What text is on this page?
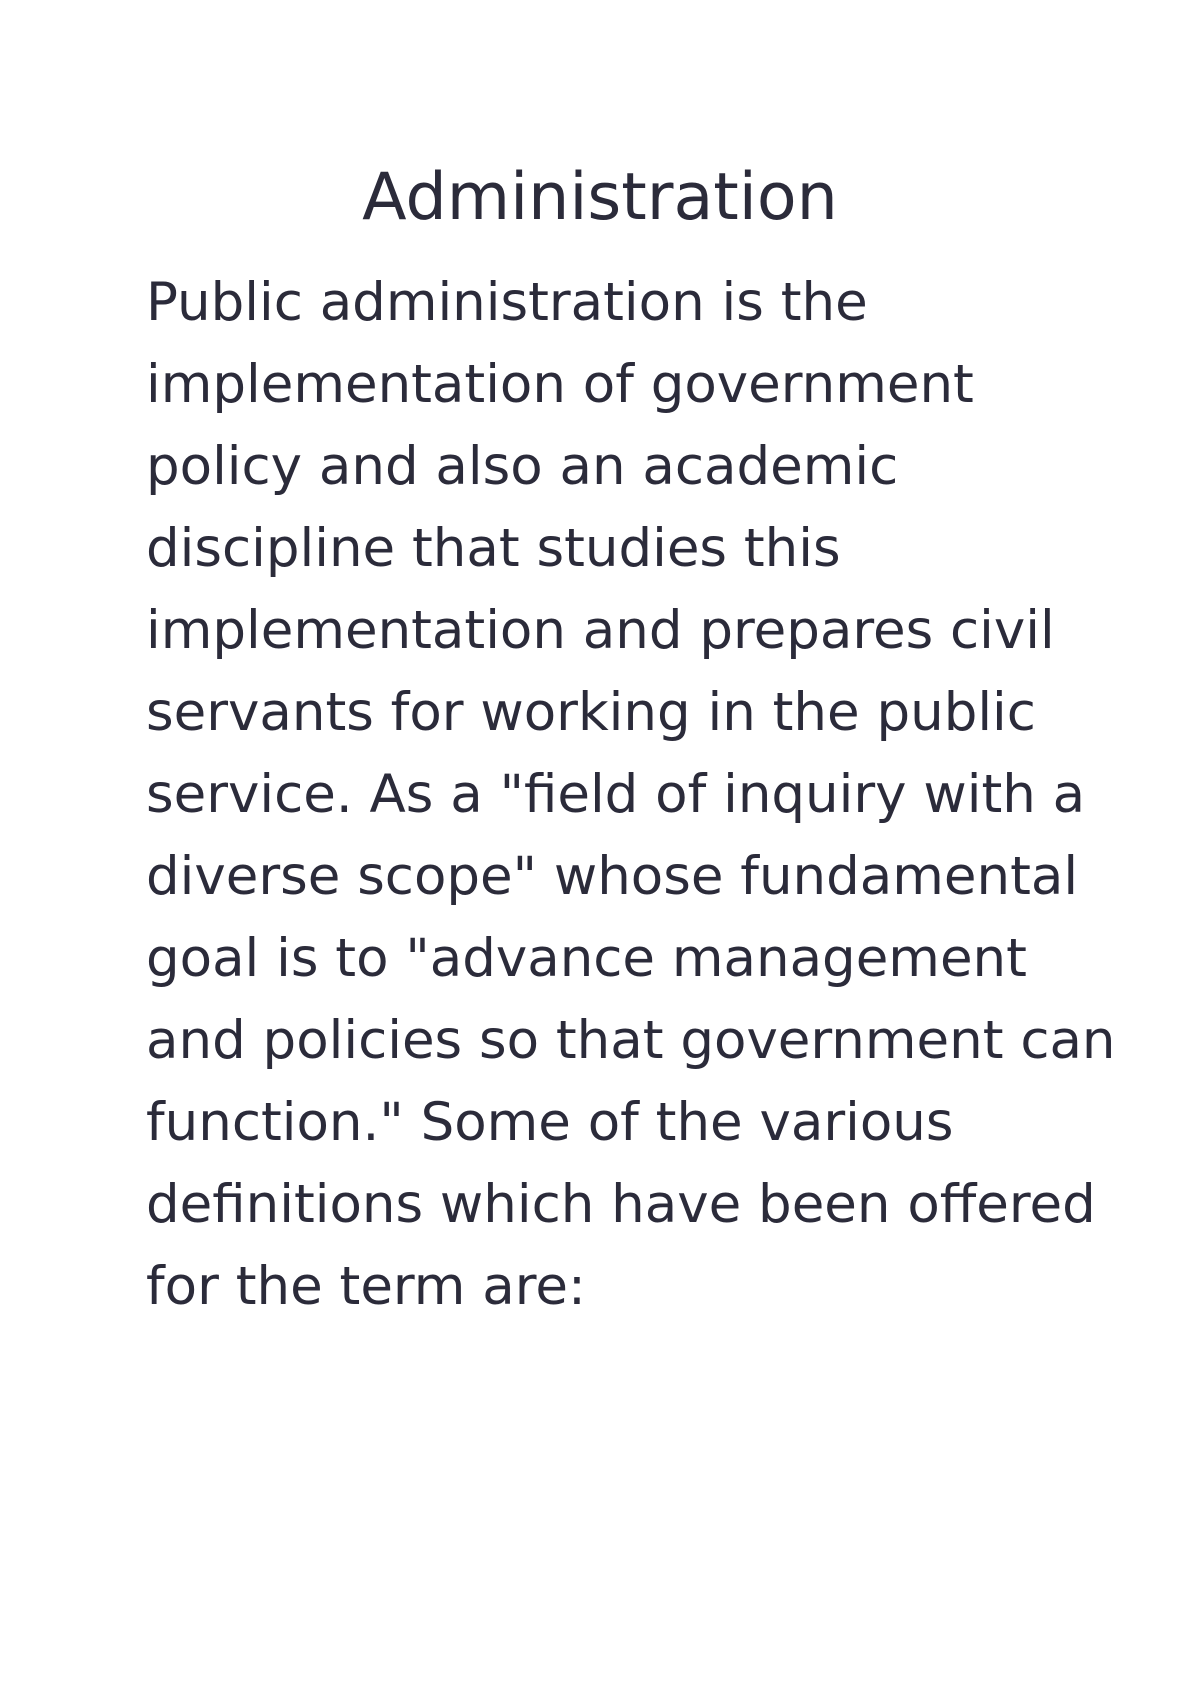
Administration
Public administration is the
implementation of government
policy and also an academic
discipline that studies this
implementation and prepares civil
servants for working in the public
service. As a "field of inquiry with a
diverse scope" whose fundamental
goal is to "advance management
and policies so that government can
function." Some of the various
definitions which have been offered
for the term are:
